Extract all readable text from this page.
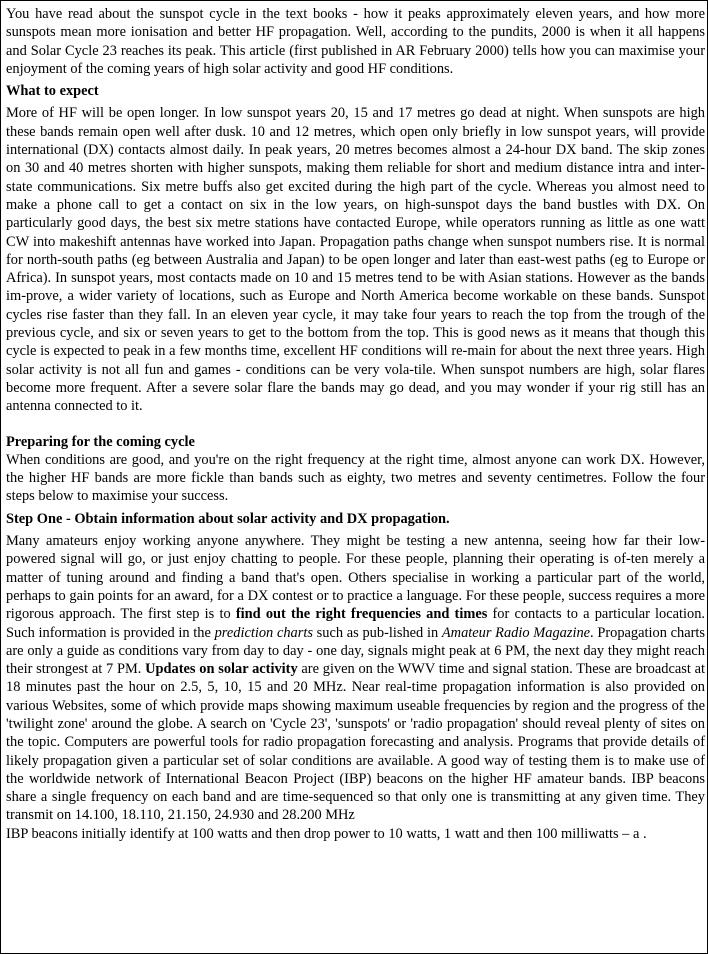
You have read about the sunspot cycle in the text books - how it peaks approximately eleven years, and how more sunspots mean more ionisation and better HF propagation. Well, according to the pundits, 2000 is when it all happens and Solar Cycle 23 reaches its peak. This article (first published in AR February 2000) tells how you can maximise your enjoyment of the coming years of high solar activity and good HF conditions.

What to expect

More of HF will be open longer. In low sunspot years 20, 15 and 17 metres go dead at night. When sunspots are high these bands remain open well after dusk. 10 and 12 metres, which open only briefly in low sunspot years, will provide international (DX) contacts almost daily. In peak years, 20 metres becomes almost a 24-hour DX band. The skip zones on 30 and 40 metres shorten with higher sunspots, making them reliable for short and medium distance intra and inter-state communications. Six metre buffs also get excited during the high part of the cycle. Whereas you almost need to make a phone call to get a contact on six in the low years, on high-sunspot days the band bustles with DX. On particularly good days, the best six metre stations have contacted Europe, while operators running as little as one watt CW into makeshift antennas have worked into Japan. Propagation paths change when sunspot numbers rise. It is normal for north-south paths (eg between Australia and Japan) to be open longer and later than east-west paths (eg to Europe or Africa). In sunspot years, most contacts made on 10 and 15 metres tend to be with Asian stations. However as the bands im-prove, a wider variety of locations, such as Europe and North America become workable on these bands. Sunspot cycles rise faster than they fall. In an eleven year cycle, it may take four years to reach the top from the trough of the previous cycle, and six or seven years to get to the bottom from the top. This is good news as it means that though this cycle is expected to peak in a few months time, excellent HF conditions will re-main for about the next three years. High solar activity is not all fun and games - conditions can be very vola-tile. When sunspot numbers are high, solar flares become more frequent. After a severe solar flare the bands may go dead, and you may wonder if your rig still has an antenna connected to it.

Preparing for the coming cycle

When conditions are good, and you're on the right frequency at the right time, almost anyone can work DX. However, the higher HF bands are more fickle than bands such as eighty, two metres and seventy centimetres. Follow the four steps below to maximise your success.

Step One - Obtain information about solar activity and DX propagation.

Many amateurs enjoy working anyone anywhere. They might be testing a new antenna, seeing how far their low-powered signal will go, or just enjoy chatting to people. For these people, planning their operating is of-ten merely a matter of tuning around and finding a band that's open. Others specialise in working a particular part of the world, perhaps to gain points for an award, for a DX contest or to practice a language. For these people, success requires a more rigorous approach. The first step is to find out the right frequencies and times for contacts to a particular location. Such information is provided in the prediction charts such as pub-lished in Amateur Radio Magazine. Propagation charts are only a guide as conditions vary from day to day - one day, signals might peak at 6 PM, the next day they might reach their strongest at 7 PM. Updates on solar activity are given on the WWV time and signal station. These are broadcast at 18 minutes past the hour on 2.5, 5, 10, 15 and 20 MHz. Near real-time propagation information is also provided on various Websites, some of which provide maps showing maximum useable frequencies by region and the progress of the 'twilight zone' around the globe. A search on 'Cycle 23', 'sunspots' or 'radio propagation' should reveal plenty of sites on the topic. Computers are powerful tools for radio propagation forecasting and analysis. Programs that provide details of likely propagation given a particular set of solar conditions are available. A good way of testing them is to make use of the worldwide network of International Beacon Project (IBP) beacons on the higher HF amateur bands. IBP beacons share a single frequency on each band and are time-sequenced so that only one is transmitting at any given time. They transmit on 14.100, 18.110, 21.150, 24.930 and 28.200 MHz

IBP beacons initially identify at 100 watts and then drop power to 10 watts, 1 watt and then 100 milliwatts – a .
